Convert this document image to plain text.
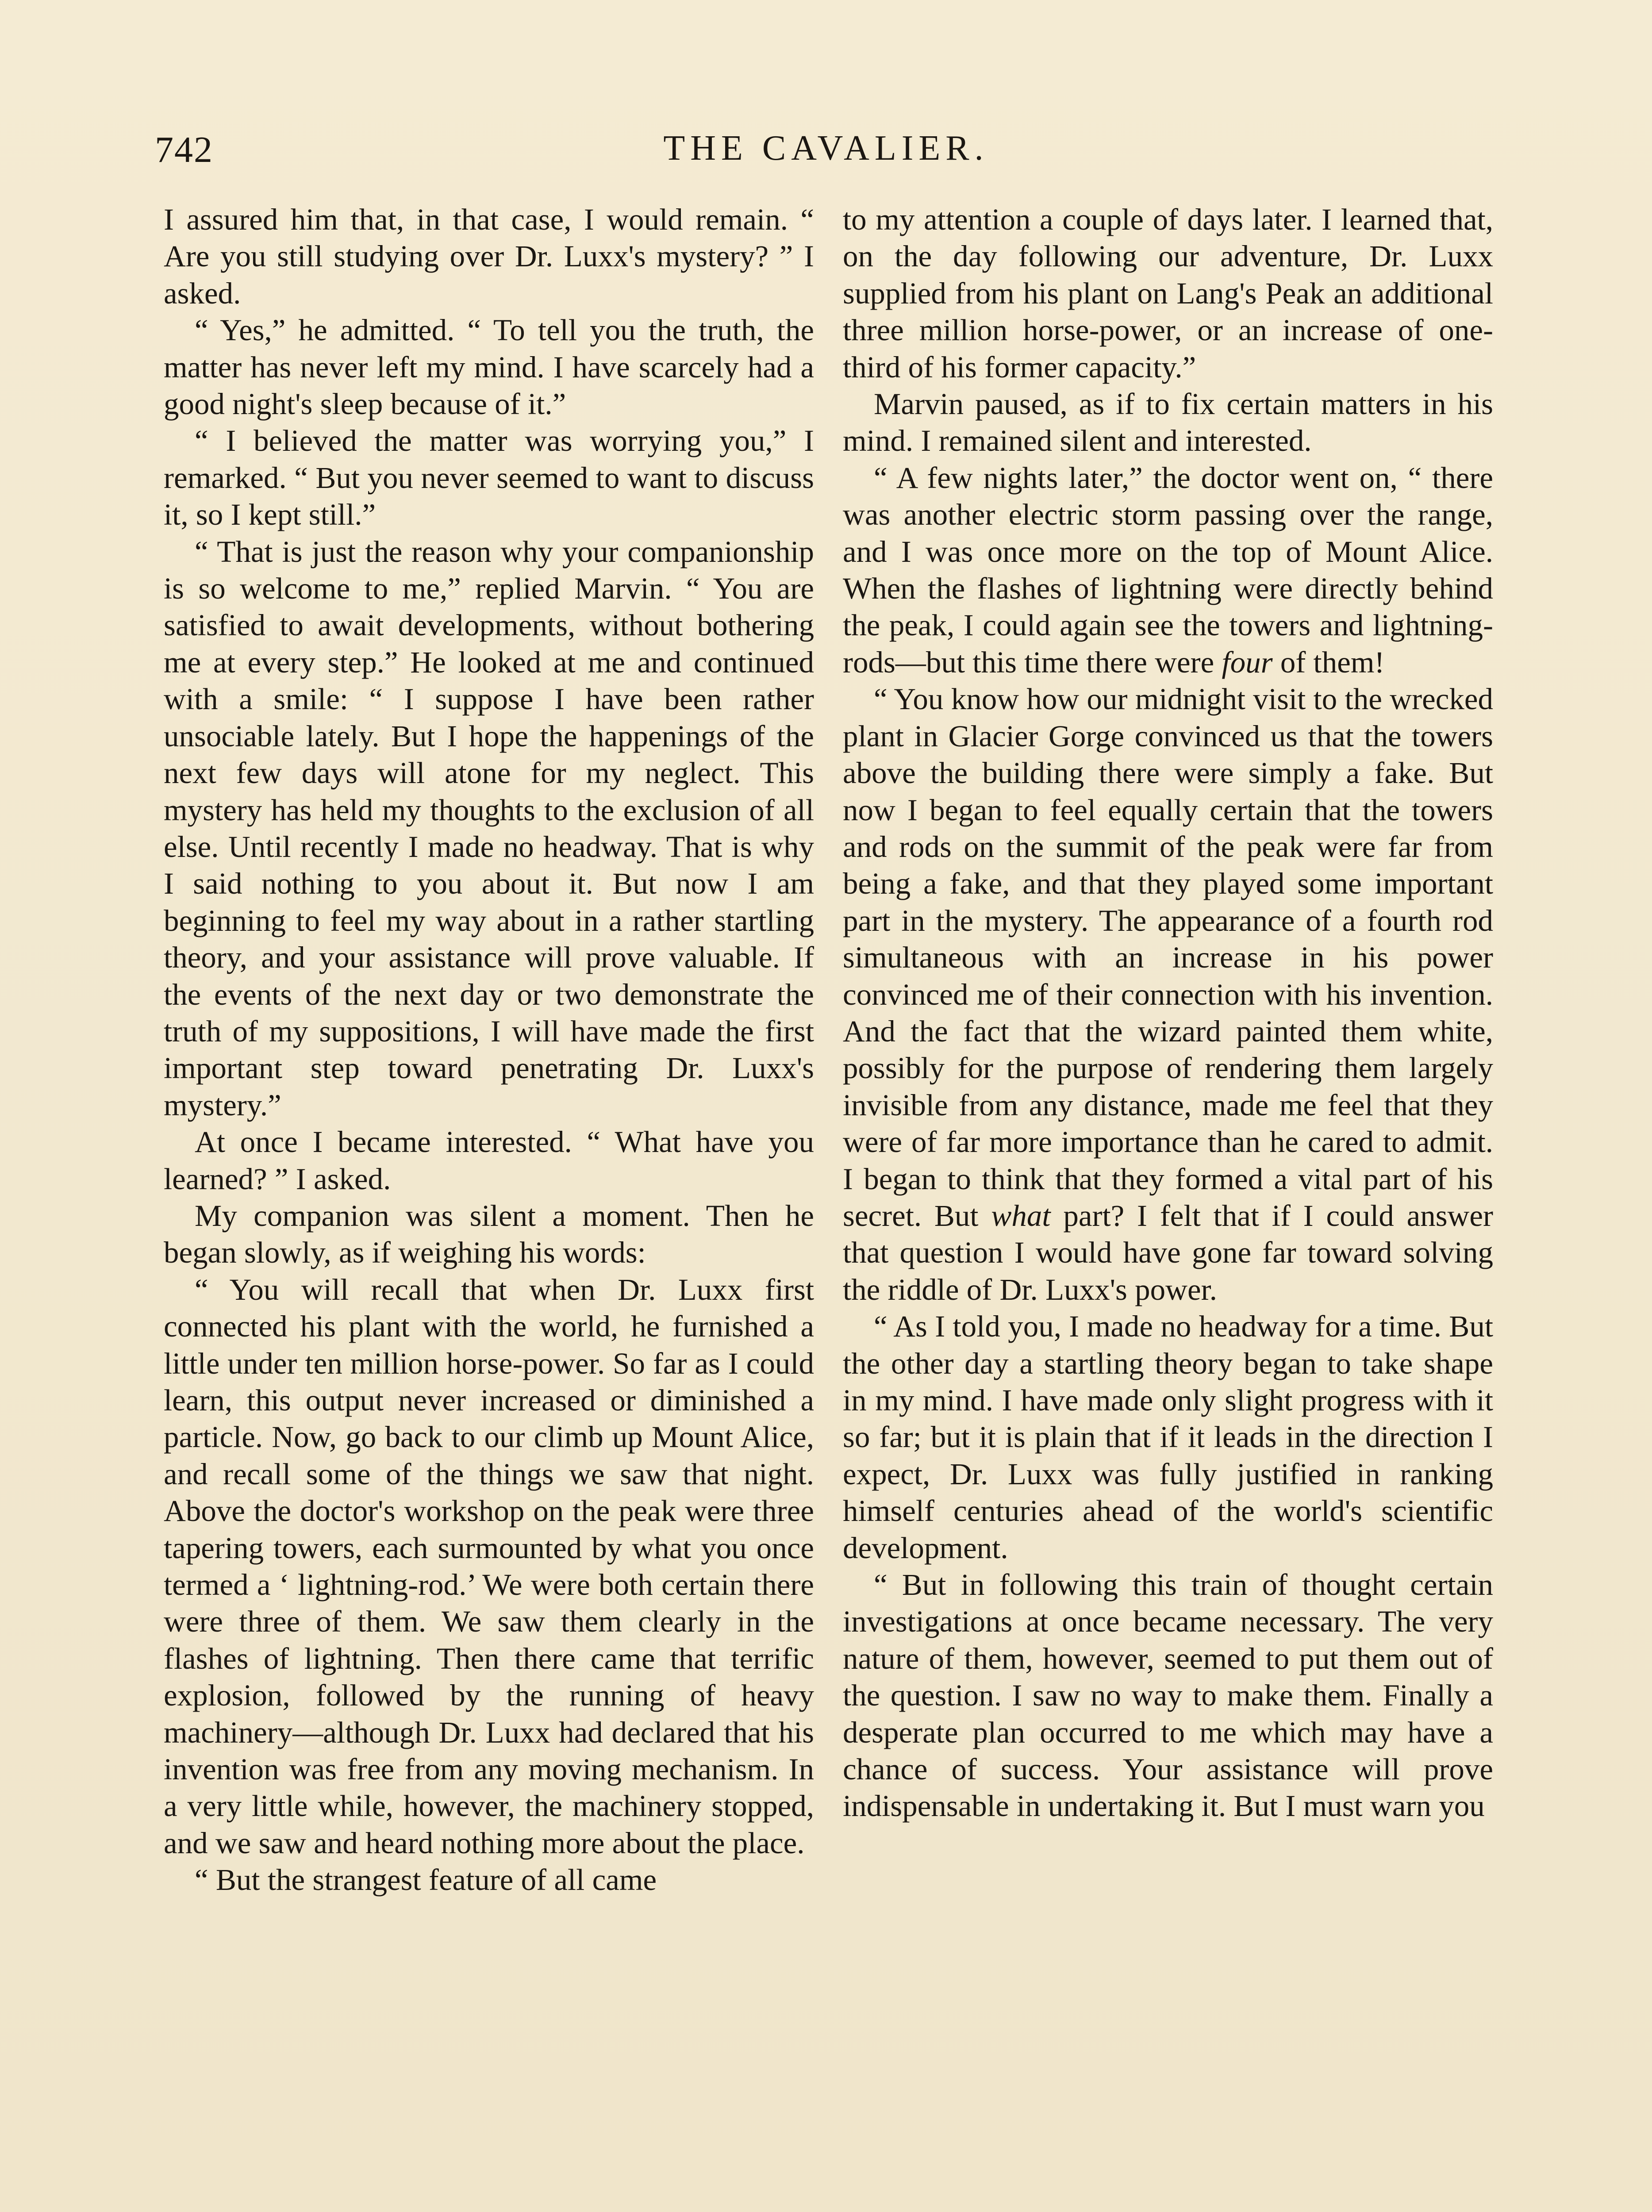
742	THE CAVALIER.

I assured him that, in that case, I would remain. “ Are you still studying over Dr. Luxx's mystery? ” I asked.

“ Yes,” he admitted. “ To tell you the truth, the matter has never left my mind. I have scarcely had a good night's sleep because of it.”

“ I believed the matter was worrying you,” I remarked. “ But you never seemed to want to discuss it, so I kept still.”

“ That is just the reason why your companionship is so welcome to me,” replied Marvin. “ You are satisfied to await developments, without bothering me at every step.” He looked at me and continued with a smile: “ I suppose I have been rather unsociable lately. But I hope the happenings of the next few days will atone for my neglect. This mystery has held my thoughts to the exclusion of all else. Until recently I made no headway. That is why I said nothing to you about it. But now I am beginning to feel my way about in a rather startling theory, and your assistance will prove valuable. If the events of the next day or two demonstrate the truth of my suppositions, I will have made the first important step toward penetrating Dr. Luxx's mystery.”

At once I became interested. “ What have you learned? ” I asked.

My companion was silent a moment. Then he began slowly, as if weighing his words:

“ You will recall that when Dr. Luxx first connected his plant with the world, he furnished a little under ten million horse-power. So far as I could learn, this output never increased or diminished a particle. Now, go back to our climb up Mount Alice, and recall some of the things we saw that night. Above the doctor's workshop on the peak were three tapering towers, each surmounted by what you once termed a ‘ lightning-rod.’ We were both certain there were three of them. We saw them clearly in the flashes of lightning. Then there came that terrific explosion, followed by the running of heavy machinery—although Dr. Luxx had declared that his invention was free from any moving mechanism. In a very little while, however, the machinery stopped, and we saw and heard nothing more about the place.

“ But the strangest feature of all came

to my attention a couple of days later. I learned that, on the day following our adventure, Dr. Luxx supplied from his plant on Lang's Peak an additional three million horse-power, or an increase of one-third of his former capacity.”

Marvin paused, as if to fix certain matters in his mind. I remained silent and interested.

“ A few nights later,” the doctor went on, “ there was another electric storm passing over the range, and I was once more on the top of Mount Alice. When the flashes of lightning were directly behind the peak, I could again see the towers and lightning-rods—but this time there were four of them!

“ You know how our midnight visit to the wrecked plant in Glacier Gorge convinced us that the towers above the building there were simply a fake. But now I began to feel equally certain that the towers and rods on the summit of the peak were far from being a fake, and that they played some important part in the mystery. The appearance of a fourth rod simultaneous with an increase in his power convinced me of their connection with his invention. And the fact that the wizard painted them white, possibly for the purpose of rendering them largely invisible from any distance, made me feel that they were of far more importance than he cared to admit. I began to think that they formed a vital part of his secret. But what part? I felt that if I could answer that question I would have gone far toward solving the riddle of Dr. Luxx's power.

“ As I told you, I made no headway for a time. But the other day a startling theory began to take shape in my mind. I have made only slight progress with it so far; but it is plain that if it leads in the direction I expect, Dr. Luxx was fully justified in ranking himself centuries ahead of the world's scientific development.

“ But in following this train of thought certain investigations at once became necessary. The very nature of them, however, seemed to put them out of the question. I saw no way to make them. Finally a desperate plan occurred to me which may have a chance of success. Your assistance will prove indispensable in undertaking it. But I must warn you
